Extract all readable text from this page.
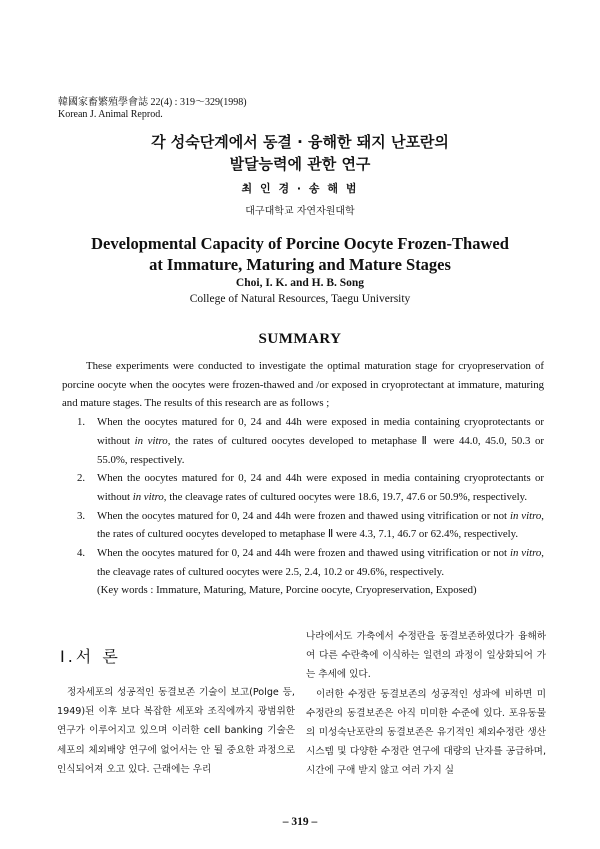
韓國家畜繁殖學會誌 22(4) : 319～329(1998)
Korean J. Animal Reprod.
각 성숙단계에서 동결 · 융해한 돼지 난포란의
발달능력에 관한 연구
최 인 경 · 송 해 범
대구대학교 자연자원대학
Developmental Capacity of Porcine Oocyte Frozen-Thawed
at Immature, Maturing and Mature Stages
Choi, I. K. and H. B. Song
College of Natural Resources, Taegu University
SUMMARY

These experiments were conducted to investigate the optimal maturation stage for cryopreservation of porcine oocyte when the oocytes were frozen-thawed and /or exposed in cryoprotectant at immature, maturing and mature stages. The results of this research are as follows ;

1. When the oocytes matured for 0, 24 and 44h were exposed in media containing cryoprotectants or without in vitro, the rates of cultured oocytes developed to metaphase Ⅱ were 44.0, 45.0, 50.3 or 55.0%, respectively.
2. When the oocytes matured for 0, 24 and 44h were exposed in media containing cryoprotectants or without in vitro, the cleavage rates of cultured oocytes were 18.6, 19.7, 47.6 or 50.9%, respectively.
3. When the oocytes matured for 0, 24 and 44h were frozen and thawed using vitrification or not in vitro, the rates of cultured oocytes developed to metaphase Ⅱ were 4.3, 7.1, 46.7 or 62.4%, respectively.
4. When the oocytes matured for 0, 24 and 44h were frozen and thawed using vitrification or not in vitro, the cleavage rates of cultured oocytes were 2.5, 2.4, 10.2 or 49.6%, respectively.
(Key words : Immature, Maturing, Mature, Porcine oocyte, Cryopreservation, Exposed)
Ⅰ.서 론

정자세포의 성공적인 동결보존 기술이 보고(Polge 등, 1949)된 이후 보다 복잡한 세포와 조직에까지 광범위한 연구가 이루어지고 있으며 이러한 cell banking 기술은 세포의 체외배양 연구에 없어서는 안 될 중요한 과정으로 인식되어져 오고 있다. 근래에는 우리

나라에서도 가축에서 수정란을 동결보존하였다가 융해하여 다른 수란축에 이식하는 일련의 과정이 일상화되어 가는 추세에 있다.

이러한 수정란 동결보존의 성공적인 성과에 비하면 미수정란의 동결보존은 아직 미미한 수준에 있다. 포유동물의 미성숙난포란의 동결보존은 유기적인 체외수정란 생산 시스템 및 다양한 수정란 연구에 대량의 난자를 공급하며, 시간에 구애 받지 않고 여러 가지 실

– 319 –
